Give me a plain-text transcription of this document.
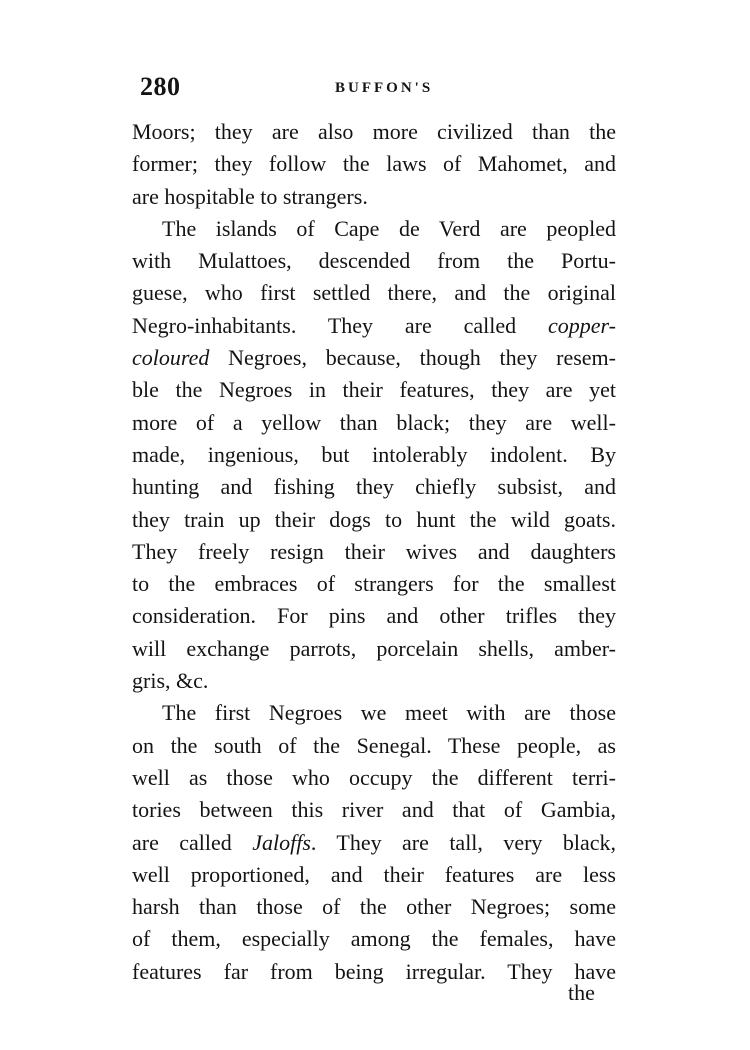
280	BUFFON'S
Moors; they are also more civilized than the
former; they follow the laws of Mahomet, and
are hospitable to strangers.
The islands of Cape de Verd are peopled
with Mulattoes, descended from the Portu-
guese, who first settled there, and the original
Negro-inhabitants. They are called copper-
coloured Negroes, because, though they resem-
ble the Negroes in their features, they are yet
more of a yellow than black; they are well-
made, ingenious, but intolerably indolent. By
hunting and fishing they chiefly subsist, and
they train up their dogs to hunt the wild goats.
They freely resign their wives and daughters
to the embraces of strangers for the smallest
consideration. For pins and other trifles they
will exchange parrots, porcelain shells, amber-
gris, &c.
The first Negroes we meet with are those
on the south of the Senegal. These people, as
well as those who occupy the different terri-
tories between this river and that of Gambia,
are called Jaloffs. They are tall, very black,
well proportioned, and their features are less
harsh than those of the other Negroes; some
of them, especially among the females, have
features far from being irregular. They have
the
